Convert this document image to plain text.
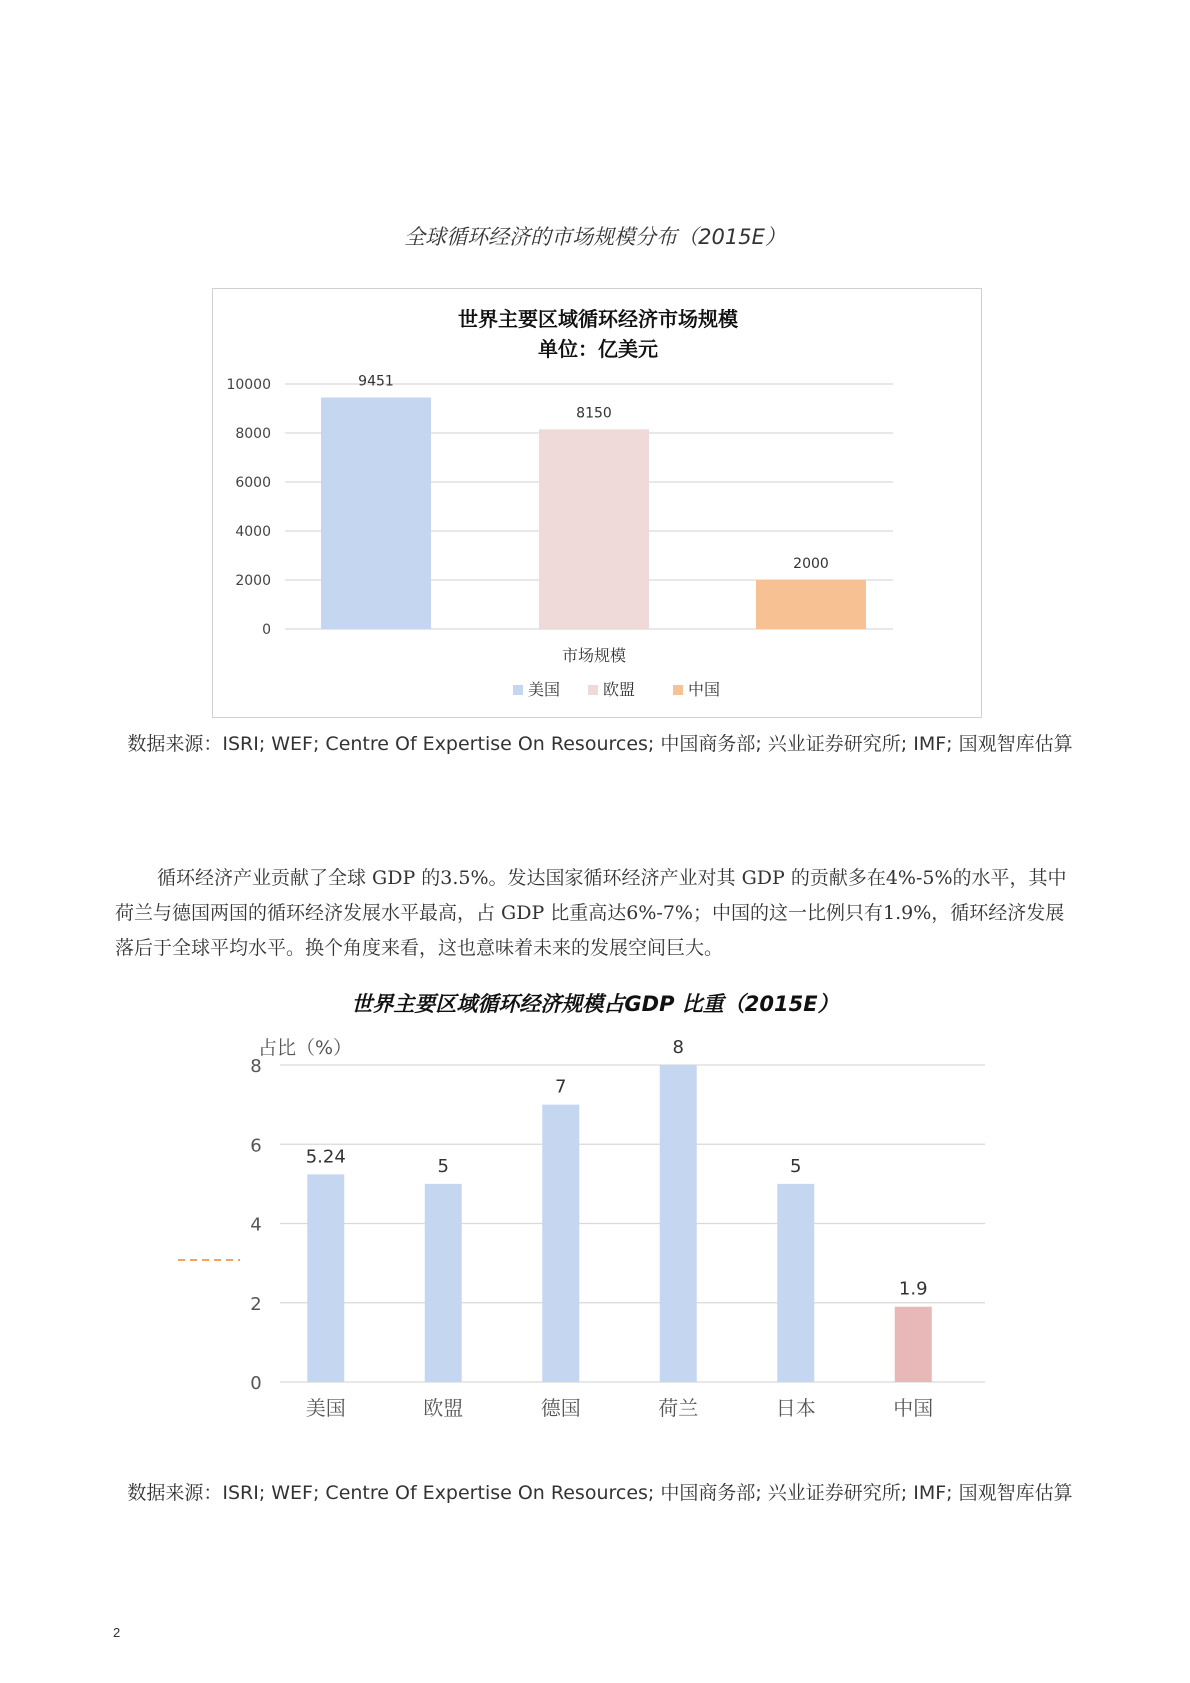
全球循环经济的市场规模分布（2015E）
世界主要区域循环经济市场规模
单位：亿美元
0
2000
4000
6000
8000
10000	9451
8150
2000
市场规模
美国	欧盟	中国
数据来源：ISRI; WEF; Centre Of Expertise On Resources; 中国商务部; 兴业证券研究所; IMF; 国观智库估算
循环经济产业贡献了全球 GDP 的3.5%。发达国家循环经济产业对其 GDP 的贡献多在4%-5%的水平，其中荷兰与德国两国的循环经济发展水平最高，占 GDP 比重高达6%-7%；中国的这一比例只有1.9%，循环经济发展落后于全球平均水平。换个角度来看，这也意味着未来的发展空间巨大。
世界主要区域循环经济规模占GDP 比重（2015E）
占比（%）
0
2
4
6
8
5.24
美国
5
欧盟
7
德国
8
荷兰
5
日本
1.9
中国
数据来源：ISRI; WEF; Centre Of Expertise On Resources; 中国商务部; 兴业证券研究所; IMF; 国观智库估算
2
